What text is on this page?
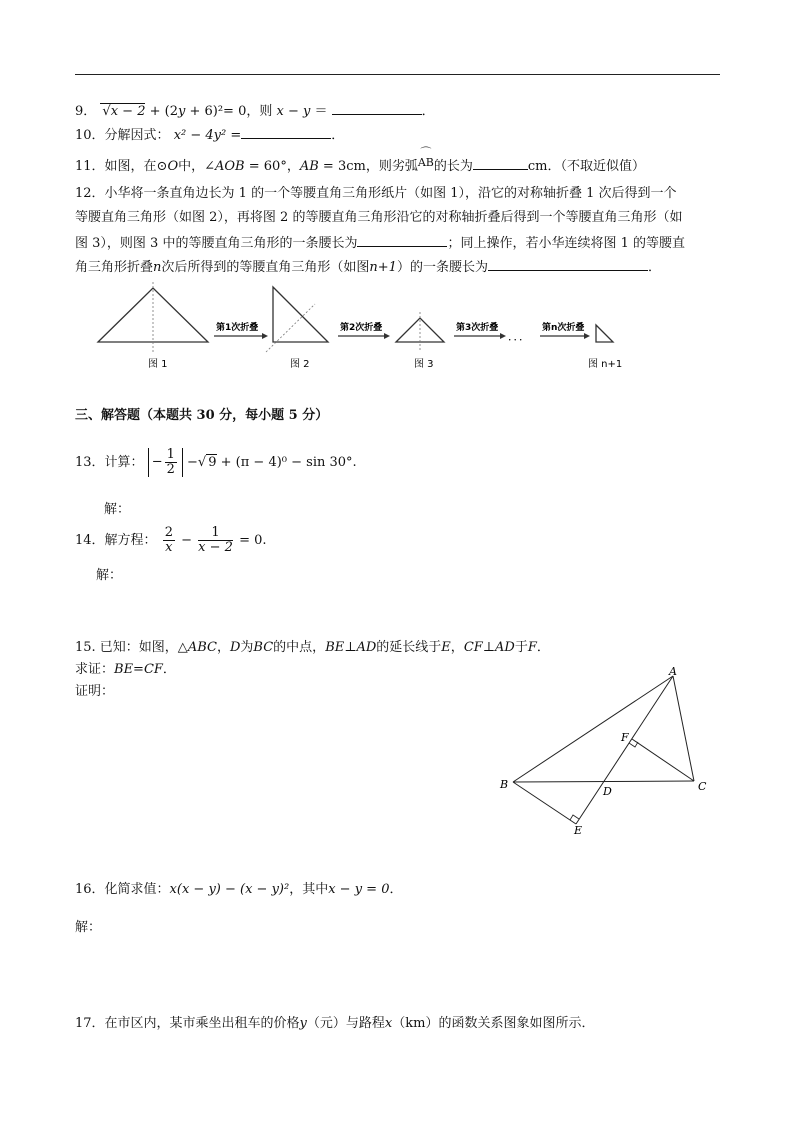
9． √x − 2 + (2y + 6)²= 0，则 x − y ＝	．
10．分解因式： x² − 4y² =	．
11．如图，在⊙O中，∠AOB = 60°，AB = 3cm，则劣弧
⌒
AB的长为	cm．（不取近似值）
12．小华将一条直角边长为 1 的一个等腰直角三角形纸片（如图 1），沿它的对称轴折叠 1 次后得到一个
等腰直角三角形（如图 2），再将图 2 的等腰直角三角形沿它的对称轴折叠后得到一个等腰直角三角形（如
图 3），则图 3 中的等腰直角三角形的一条腰长为	；同上操作，若小华连续将图 1 的等腰直
角三角形折叠n次后所得到的等腰直角三角形（如图n+1）的一条腰长为	．
图 1
第1次折叠
图 2
第2次折叠
图 3
第3次折叠
．．．
第n次折叠
图 n+1
三、解答题（本题共 30 分，每小题 5 分）
13．计算： − $\frac{1}{2}$ −√ 9 + (π − 4)⁰ − sin 30°.
解：
14．解方程： $\frac{2}{x} - \frac{1}{x - 2} = 0$.
解：
15. 已知：如图，△ABC，D为BC的中点，BE⊥AD的延长线于E，CF⊥AD于F．
求证：BE=CF．
证明：
A
B	C
D
E
F
16．化简求值：x(x − y) − (x − y)²，其中x − y = 0．
解：
17．在市区内，某市乘坐出租车的价格y（元）与路程x（km）的函数关系图象如图所示．
